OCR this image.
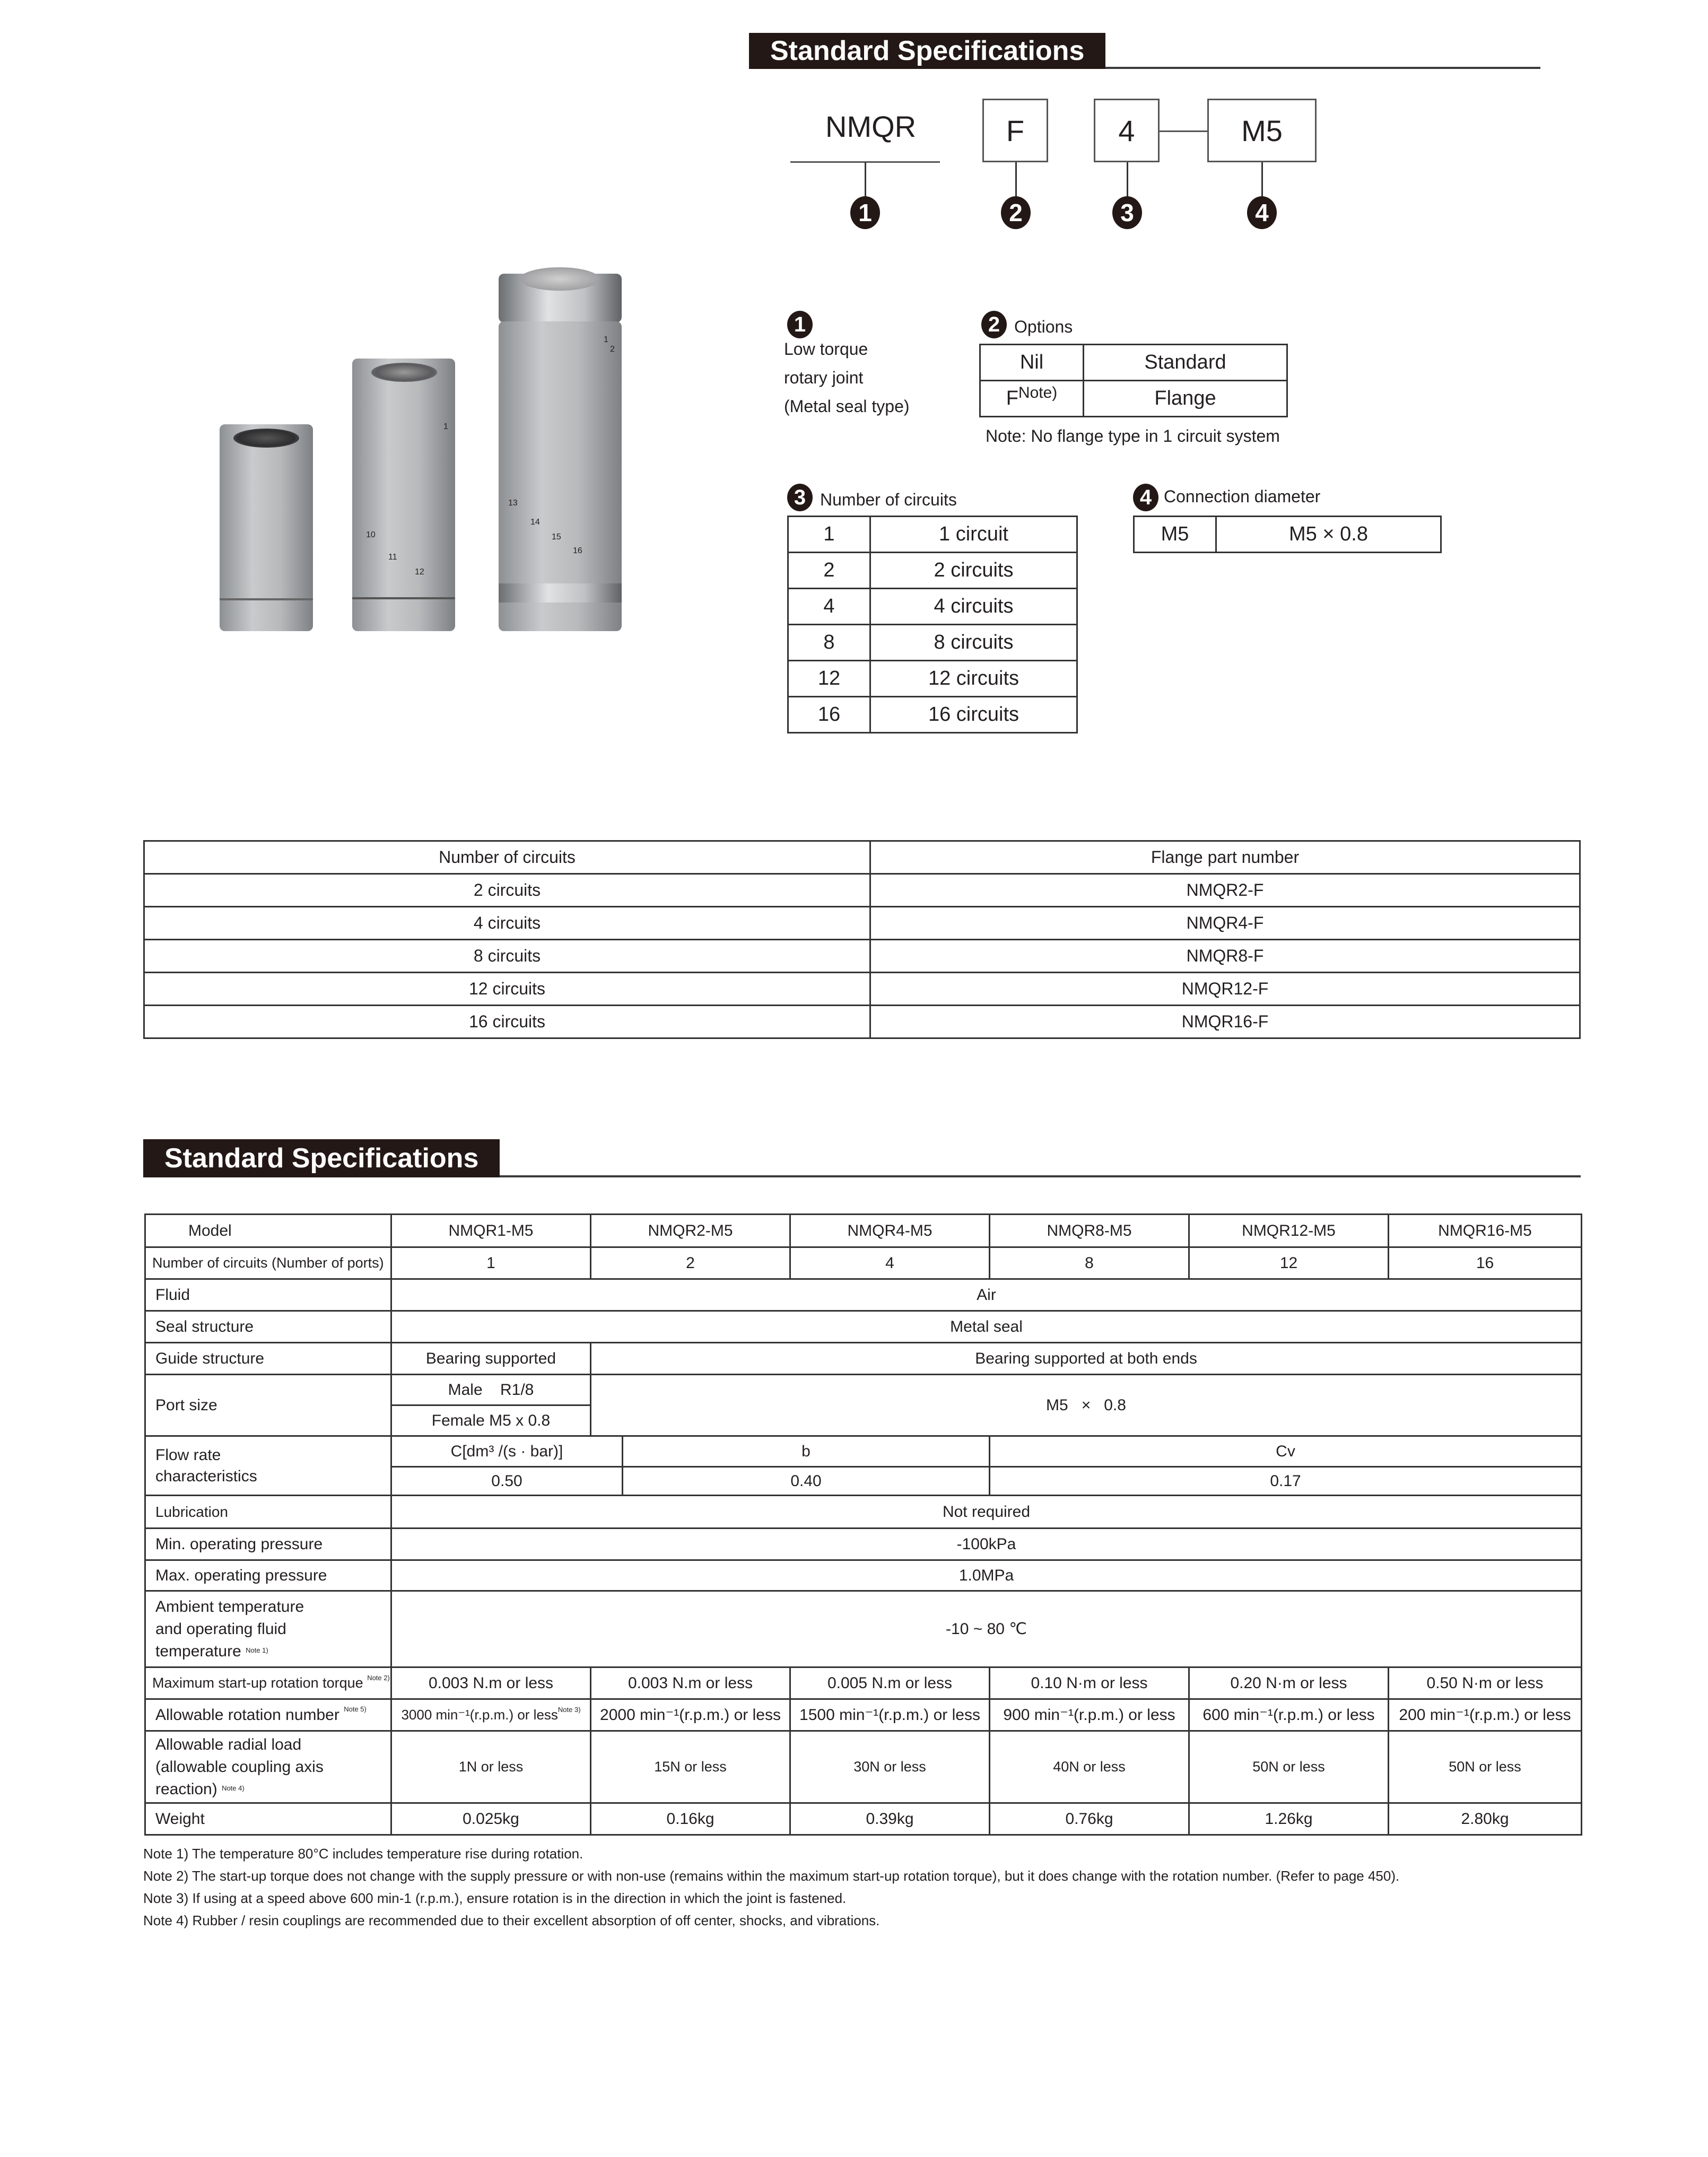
Standard Specifications
NMQR	F	4	M5
1	2	3	4
1
Low torque
rotary joint
(Metal seal type)
2 Options
Nil	Standard
$F^{Note)}$	Flange
Note: No flange type in 1 circuit system
3 Number of circuits
1	1 circuit
2	2 circuits
4	4 circuits
8	8 circuits
12	12 circuits
16	16 circuits
4 Connection diameter
M5	M5 × 0.8
10
11
12
1
1
2
13
14
15
16
Number of circuits	Flange part number
2 circuits	NMQR2-F
4 circuits	NMQR4-F
8 circuits	NMQR8-F
12 circuits	NMQR12-F
16 circuits	NMQR16-F
Standard Specifications
Model	NMQR1-M5	NMQR2-M5		NMQR4-M5	NMQR8-M5	NMQR12-M5	NMQR16-M5
Number of circuits (Number of ports)	1	2		4	8	12	16
Fluid	Air						
Seal structure	Metal seal						
Guide structure	Bearing supported	Bearing supported at both ends					
Port size	Male    R1/8	M5   ×   0.8					
	Female M5 x 0.8						

Flow rate
characteristics	C[dm³ /(s · bar)]		b		Cv		
	0.50		0.40		0.17		
Lubrication	Not required						
Min. operating pressure	-100kPa						
Max. operating pressure	1.0MPa						

Ambient temperature
and operating fluid
temperature $^{Note 1)}$	-10 ~ 80 ℃						
Maximum start-up rotation torque $^{Note 2)}$	0.003 N.m or less	0.003 N.m or less		0.005 N.m or less	0.10 N·m or less	0.20 N·m or less	0.50 N·m or less
Allowable rotation number $^{Note 5)}$	3000 min⁻¹(r.p.m.) or less$^{Note 3)}$	2000 min⁻¹(r.p.m.) or less		1500 min⁻¹(r.p.m.) or less	900 min⁻¹(r.p.m.) or less	600 min⁻¹(r.p.m.) or less	200 min⁻¹(r.p.m.) or less

Allowable radial load
(allowable coupling axis
reaction) $^{Note 4)}$	1N or less	15N or less		30N or less	40N or less	50N or less	50N or less
Weight	0.025kg	0.16kg		0.39kg	0.76kg	1.26kg	2.80kg
Note 1) The temperature 80°C includes temperature rise during rotation.
Note 2) The start-up torque does not change with the supply pressure or with non-use (remains within the maximum start-up rotation torque), but it does change with the rotation number. (Refer to page 450).
Note 3) If using at a speed above 600 min-1 (r.p.m.), ensure rotation is in the direction in which the joint is fastened.
Note 4) Rubber / resin couplings are recommended due to their excellent absorption of off center, shocks, and vibrations.
